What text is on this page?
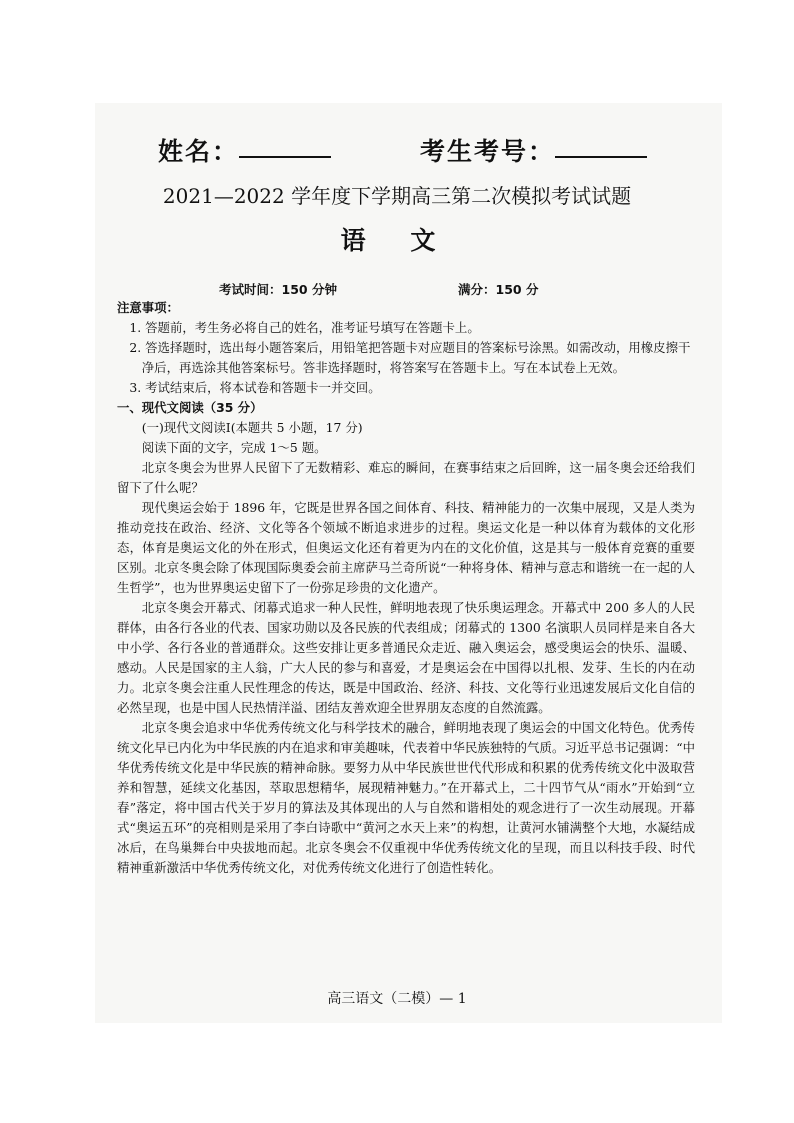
姓名：	考生考号：
2021—2022 学年度下学期高三第二次模拟考试试题
语 文
考试时间：150 分钟	满分：150 分

注意事项：

1. 答题前，考生务必将自己的姓名，准考证号填写在答题卡上。

2. 答选择题时，选出每小题答案后，用铅笔把答题卡对应题目的答案标号涂黑。如需改动，用橡皮擦干净后，再选涂其他答案标号。答非选择题时，将答案写在答题卡上。写在本试卷上无效。

3. 考试结束后，将本试卷和答题卡一并交回。

一、现代文阅读（35 分）

(一)现代文阅读Ⅰ(本题共 5 小题，17 分)

阅读下面的文字，完成 1～5 题。

北京冬奥会为世界人民留下了无数精彩、难忘的瞬间，在赛事结束之后回眸，这一届冬奥会还给我们留下了什么呢？

现代奥运会始于 1896 年，它既是世界各国之间体育、科技、精神能力的一次集中展现，又是人类为推动竞技在政治、经济、文化等各个领域不断追求进步的过程。奥运文化是一种以体育为载体的文化形态，体育是奥运文化的外在形式，但奥运文化还有着更为内在的文化价值，这是其与一般体育竞赛的重要区别。北京冬奥会除了体现国际奥委会前主席萨马兰奇所说“一种将身体、精神与意志和谐统一在一起的人生哲学”，也为世界奥运史留下了一份弥足珍贵的文化遗产。

北京冬奥会开幕式、闭幕式追求一种人民性，鲜明地表现了快乐奥运理念。开幕式中 200 多人的人民群体，由各行各业的代表、国家功勋以及各民族的代表组成；闭幕式的 1300 名演职人员同样是来自各大中小学、各行各业的普通群众。这些安排让更多普通民众走近、融入奥运会，感受奥运会的快乐、温暖、感动。人民是国家的主人翁，广大人民的参与和喜爱，才是奥运会在中国得以扎根、发芽、生长的内在动力。北京冬奥会注重人民性理念的传达，既是中国政治、经济、科技、文化等行业迅速发展后文化自信的必然呈现，也是中国人民热情洋溢、团结友善欢迎全世界朋友态度的自然流露。

北京冬奥会追求中华优秀传统文化与科学技术的融合，鲜明地表现了奥运会的中国文化特色。优秀传统文化早已内化为中华民族的内在追求和审美趣味，代表着中华民族独特的气质。习近平总书记强调：“中华优秀传统文化是中华民族的精神命脉。要努力从中华民族世世代代形成和积累的优秀传统文化中汲取营养和智慧，延续文化基因，萃取思想精华，展现精神魅力。”在开幕式上，二十四节气从“雨水”开始到“立春”落定，将中国古代关于岁月的算法及其体现出的人与自然和谐相处的观念进行了一次生动展现。开幕式“奥运五环”的亮相则是采用了李白诗歌中“黄河之水天上来”的构想，让黄河水铺满整个大地，水凝结成冰后，在鸟巢舞台中央拔地而起。北京冬奥会不仅重视中华优秀传统文化的呈现，而且以科技手段、时代精神重新激活中华优秀传统文化，对优秀传统文化进行了创造性转化。

高三语文（二模）— 1
